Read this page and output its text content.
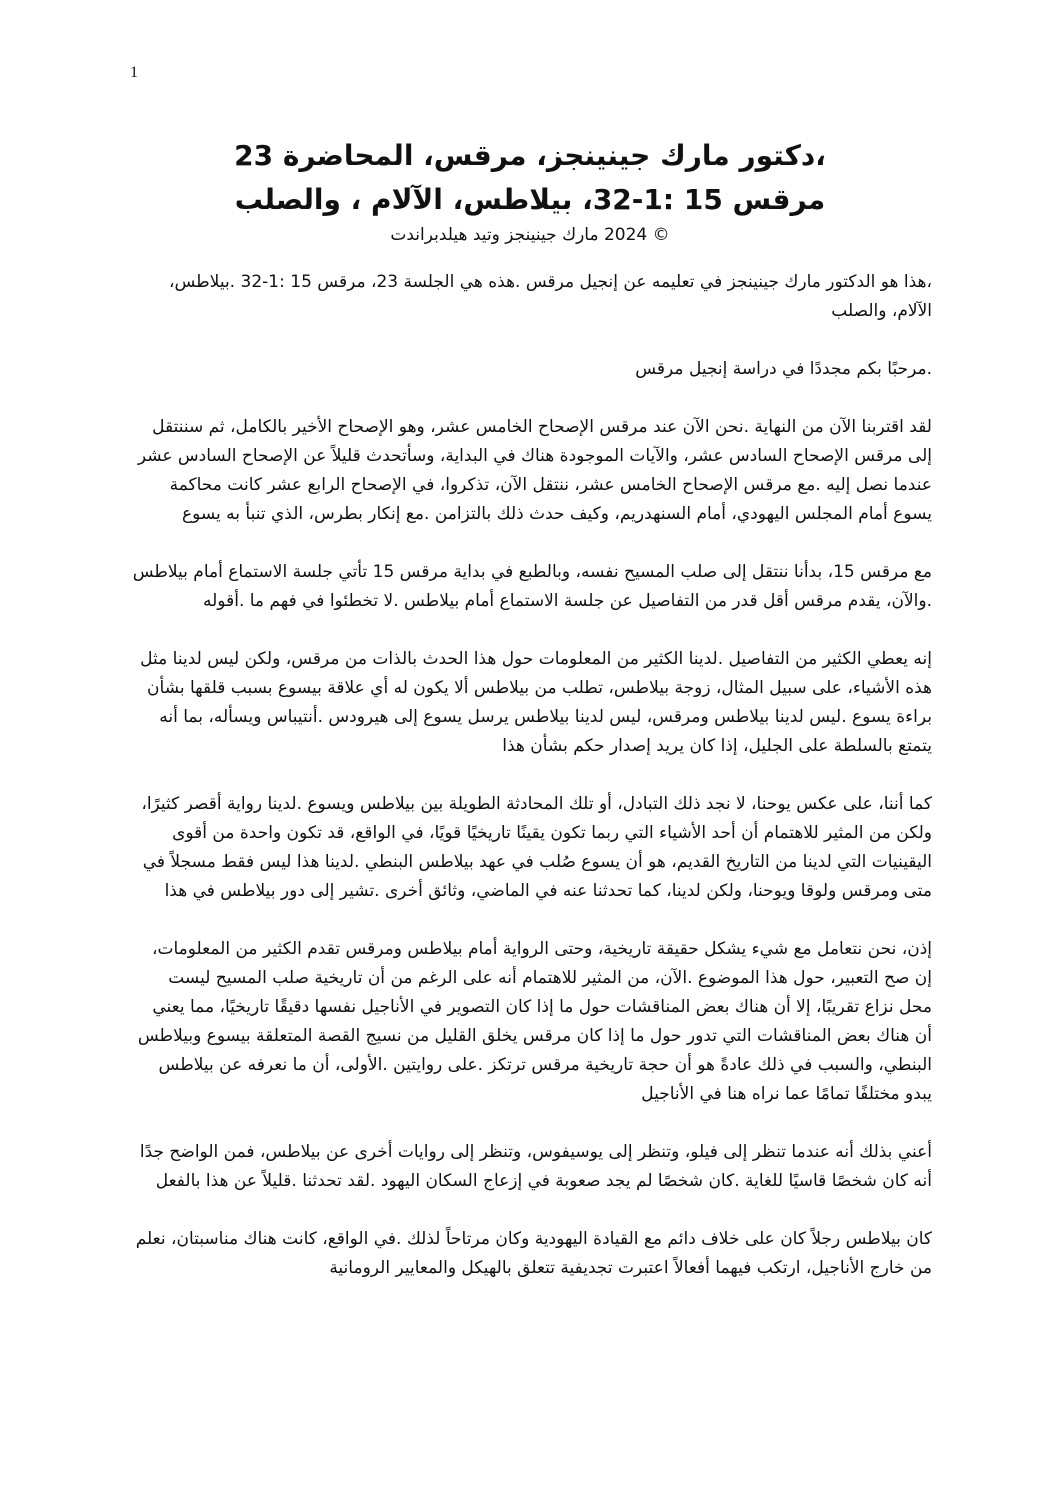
1

،دكتور مارك جينينجز، مرقس، المحاضرة 23

مرقس 15 :1-32، بيلاطس، الآلام ، والصلب

© 2024 مارك جينينجز وتيد هيلدبراندت

،هذا هو الدكتور مارك جينينجز في تعليمه عن إنجيل مرقس .هذه هي الجلسة 23، مرقس 15 :1-32 .بيلاطس، الآلام، والصلب

.مرحبًا بكم مجددًا في دراسة إنجيل مرقس

لقد اقتربنا الآن من النهاية .نحن الآن عند مرقس الإصحاح الخامس عشر، وهو الإصحاح الأخير بالكامل، ثم سننتقل إلى مرقس الإصحاح السادس عشر، والآيات الموجودة هناك في البداية، وسأتحدث قليلاً عن الإصحاح السادس عشر عندما نصل إليه .مع مرقس الإصحاح الخامس عشر، ننتقل الآن، تذكروا، في الإصحاح الرابع عشر كانت محاكمة يسوع أمام المجلس اليهودي، أمام السنهدريم، وكيف حدث ذلك بالتزامن .مع إنكار بطرس، الذي تنبأ به يسوع

مع مرقس 15، بدأنا ننتقل إلى صلب المسيح نفسه، وبالطبع في بداية مرقس 15 تأتي جلسة الاستماع أمام بيلاطس .والآن، يقدم مرقس أقل قدر من التفاصيل عن جلسة الاستماع أمام بيلاطس .لا تخطئوا في فهم ما .أقوله

إنه يعطي الكثير من التفاصيل .لدينا الكثير من المعلومات حول هذا الحدث بالذات من مرقس، ولكن ليس لدينا مثل هذه الأشياء، على سبيل المثال، زوجة بيلاطس، تطلب من بيلاطس ألا يكون له أي علاقة بيسوع بسبب قلقها بشأن براءة يسوع .ليس لدينا بيلاطس ومرقس، ليس لدينا بيلاطس يرسل يسوع إلى هيرودس .أنتيباس ويسأله، بما أنه يتمتع بالسلطة على الجليل، إذا كان يريد إصدار حكم بشأن هذا

كما أننا، على عكس يوحنا، لا نجد ذلك التبادل، أو تلك المحادثة الطويلة بين بيلاطس ويسوع .لدينا رواية أقصر كثيرًا، ولكن من المثير للاهتمام أن أحد الأشياء التي ربما تكون يقينًا تاريخيًا قويًا، في الواقع، قد تكون واحدة من أقوى اليقينيات التي لدينا من التاريخ القديم، هو أن يسوع صُلب في عهد بيلاطس البنطي .لدينا هذا ليس فقط مسجلاً في متى ومرقس ولوقا ويوحنا، ولكن لدينا، كما تحدثنا عنه في الماضي، وثائق أخرى .تشير إلى دور بيلاطس في هذا

إذن، نحن نتعامل مع شيء يشكل حقيقة تاريخية، وحتى الرواية أمام بيلاطس ومرقس تقدم الكثير من المعلومات، إن صح التعبير، حول هذا الموضوع .الآن، من المثير للاهتمام أنه على الرغم من أن تاريخية صلب المسيح ليست محل نزاع تقريبًا، إلا أن هناك بعض المناقشات حول ما إذا كان التصوير في الأناجيل نفسها دقيقًا تاريخيًا، مما يعني أن هناك بعض المناقشات التي تدور حول ما إذا كان مرقس يخلق القليل من نسيج القصة المتعلقة بيسوع وبيلاطس البنطي، والسبب في ذلك عادةً هو أن حجة تاريخية مرقس ترتكز .على روايتين .الأولى، أن ما نعرفه عن بيلاطس يبدو مختلفًا تمامًا عما نراه هنا في الأناجيل

أعني بذلك أنه عندما تنظر إلى فيلو، وتنظر إلى يوسيفوس، وتنظر إلى روايات أخرى عن بيلاطس، فمن الواضح جدًا أنه كان شخصًا قاسيًا للغاية .كان شخصًا لم يجد صعوبة في إزعاج السكان اليهود .لقد تحدثنا .قليلاً عن هذا بالفعل

كان بيلاطس رجلاً كان على خلاف دائم مع القيادة اليهودية وكان مرتاحاً لذلك .في الواقع، كانت هناك مناسبتان، نعلم من خارج الأناجيل، ارتكب فيهما أفعالاً اعتبرت تجديفية تتعلق بالهيكل والمعايير الرومانية
